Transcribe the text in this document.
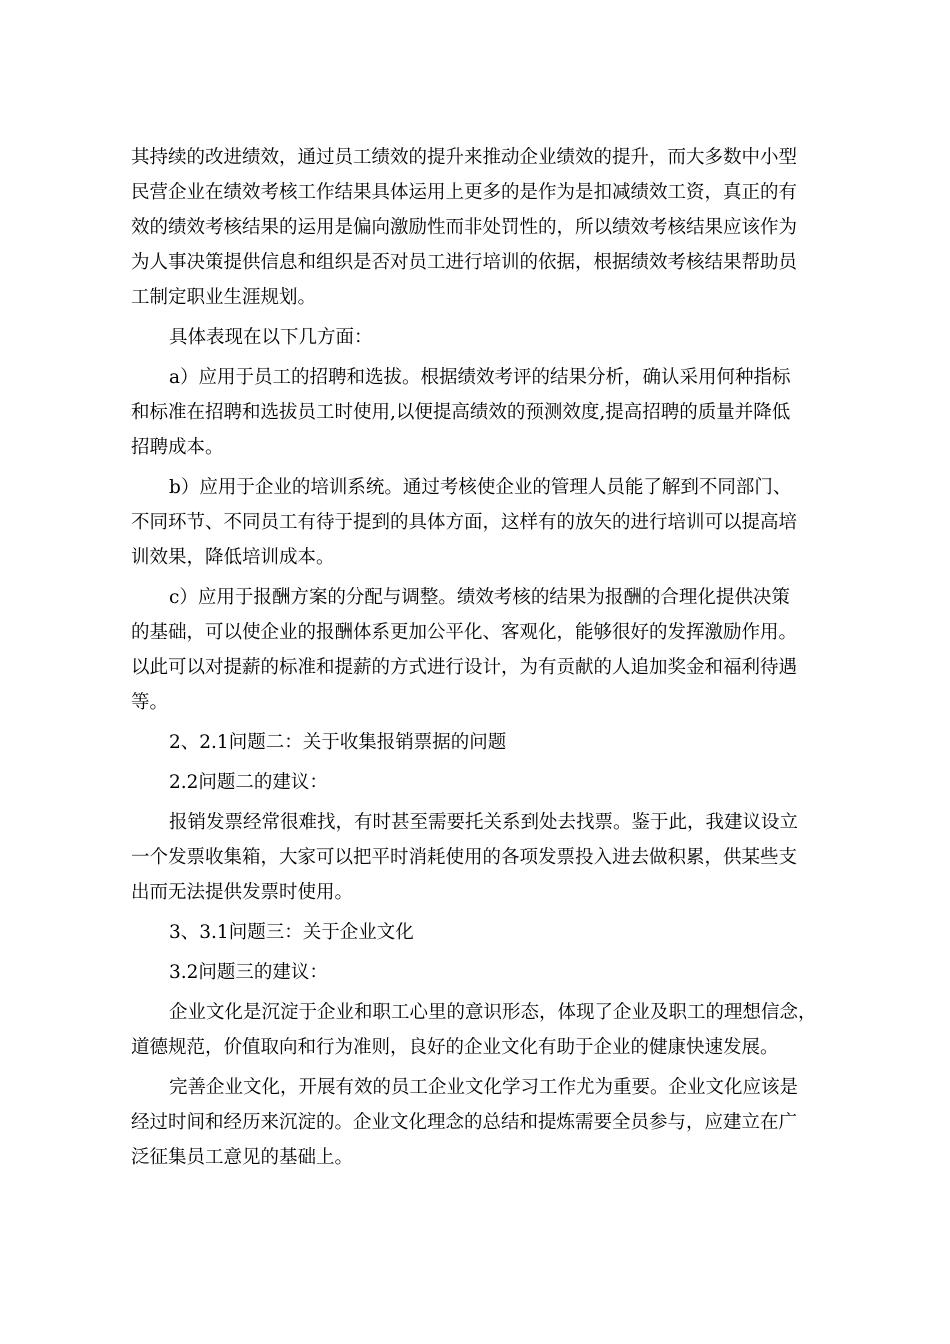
其持续的改进绩效，通过员工绩效的提升来推动企业绩效的提升，而大多数中小型
民营企业在绩效考核工作结果具体运用上更多的是作为是扣减绩效工资，真正的有
效的绩效考核结果的运用是偏向激励性而非处罚性的，所以绩效考核结果应该作为
为人事决策提供信息和组织是否对员工进行培训的依据，根据绩效考核结果帮助员
工制定职业生涯规划。
具体表现在以下几方面：
a）应用于员工的招聘和选拔。根据绩效考评的结果分析，确认采用何种指标
和标准在招聘和选拔员工时使用,以便提高绩效的预测效度,提高招聘的质量并降低
招聘成本。
b）应用于企业的培训系统。通过考核使企业的管理人员能了解到不同部门、
不同环节、不同员工有待于提到的具体方面，这样有的放矢的进行培训可以提高培
训效果，降低培训成本。
c）应用于报酬方案的分配与调整。绩效考核的结果为报酬的合理化提供决策
的基础，可以使企业的报酬体系更加公平化、客观化，能够很好的发挥激励作用。
以此可以对提薪的标准和提薪的方式进行设计，为有贡献的人追加奖金和福利待遇
等。
2、2.1问题二：关于收集报销票据的问题
2.2问题二的建议：
报销发票经常很难找，有时甚至需要托关系到处去找票。鉴于此，我建议设立
一个发票收集箱，大家可以把平时消耗使用的各项发票投入进去做积累，供某些支
出而无法提供发票时使用。
3、3.1问题三：关于企业文化
3.2问题三的建议：
企业文化是沉淀于企业和职工心里的意识形态，体现了企业及职工的理想信念，
道德规范，价值取向和行为准则，良好的企业文化有助于企业的健康快速发展。
完善企业文化，开展有效的员工企业文化学习工作尤为重要。企业文化应该是
经过时间和经历来沉淀的。企业文化理念的总结和提炼需要全员参与，应建立在广
泛征集员工意见的基础上。
